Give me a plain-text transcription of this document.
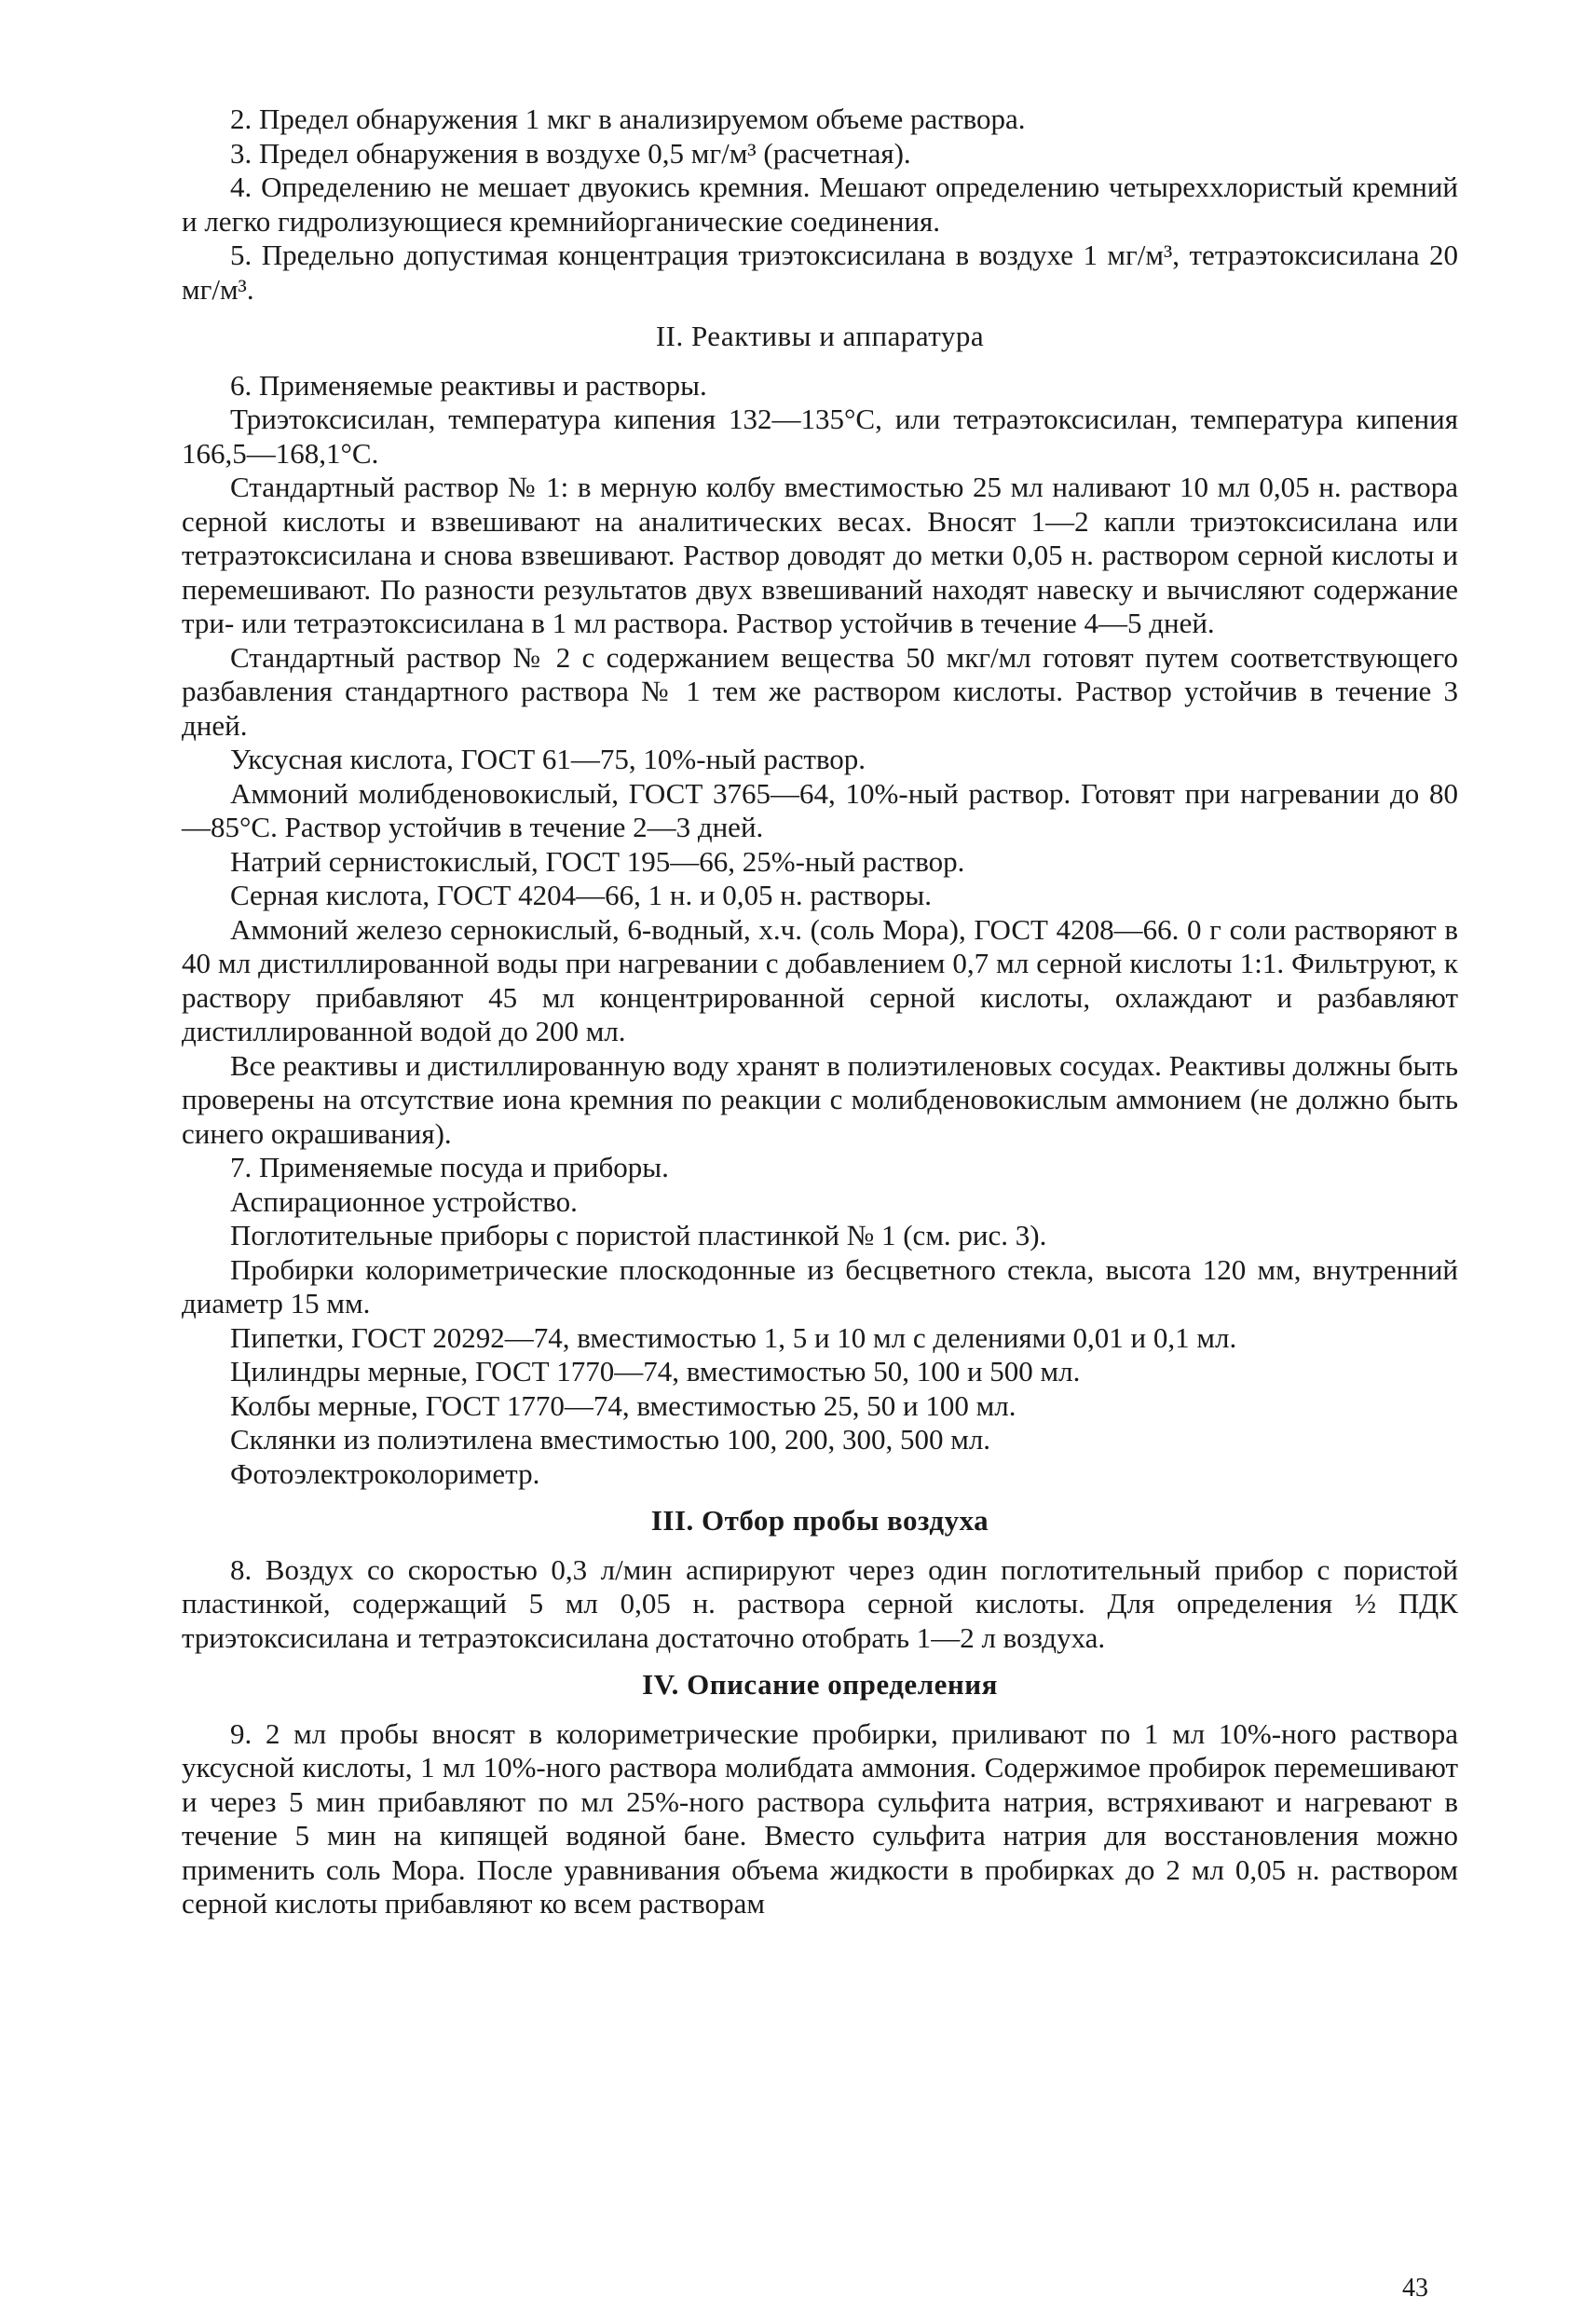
2. Предел обнаружения 1 мкг в анализируемом объеме раствора.

3. Предел обнаружения в воздухе 0,5 мг/м³ (расчетная).

4. Определению не мешает двуокись кремния. Мешают определению четыреххлористый кремний и легко гидролизующиеся кремнийорганические соединения.

5. Предельно допустимая концентрация триэтоксисилана в воздухе 1 мг/м³, тетраэтоксисилана 20 мг/м³.

II. Реактивы и аппаратура

6. Применяемые реактивы и растворы.

Триэтоксисилан, температура кипения 132—135°С, или тетраэтоксисилан, температура кипения 166,5—168,1°С.

Стандартный раствор № 1: в мерную колбу вместимостью 25 мл наливают 10 мл 0,05 н. раствора серной кислоты и взвешивают на аналитических весах. Вносят 1—2 капли триэтоксисилана или тетраэтоксисилана и снова взвешивают. Раствор доводят до метки 0,05 н. раствором серной кислоты и перемешивают. По разности результатов двух взвешиваний находят навеску и вычисляют содержание три- или тетраэтоксисилана в 1 мл раствора. Раствор устойчив в течение 4—5 дней.

Стандартный раствор № 2 с содержанием вещества 50 мкг/мл готовят путем соответствующего разбавления стандартного раствора № 1 тем же раствором кислоты. Раствор устойчив в течение 3 дней.

Уксусная кислота, ГОСТ 61—75, 10%-ный раствор.

Аммоний молибденовокислый, ГОСТ 3765—64, 10%-ный раствор. Готовят при нагревании до 80—85°С. Раствор устойчив в течение 2—3 дней.

Натрий сернистокислый, ГОСТ 195—66, 25%-ный раствор.

Серная кислота, ГОСТ 4204—66, 1 н. и 0,05 н. растворы.

Аммоний железо сернокислый, 6-водный, х.ч. (соль Мора), ГОСТ 4208—66. 0 г соли растворяют в 40 мл дистиллированной воды при нагревании с добавлением 0,7 мл серной кислоты 1:1. Фильтруют, к раствору прибавляют 45 мл концентрированной серной кислоты, охлаждают и разбавляют дистиллированной водой до 200 мл.

Все реактивы и дистиллированную воду хранят в полиэтиленовых сосудах. Реактивы должны быть проверены на отсутствие иона кремния по реакции с молибденовокислым аммонием (не должно быть синего окрашивания).

7. Применяемые посуда и приборы.

Аспирационное устройство.

Поглотительные приборы с пористой пластинкой № 1 (см. рис. 3).

Пробирки колориметрические плоскодонные из бесцветного стекла, высота 120 мм, внутренний диаметр 15 мм.

Пипетки, ГОСТ 20292—74, вместимостью 1, 5 и 10 мл с делениями 0,01 и 0,1 мл.

Цилиндры мерные, ГОСТ 1770—74, вместимостью 50, 100 и 500 мл.

Колбы мерные, ГОСТ 1770—74, вместимостью 25, 50 и 100 мл.

Склянки из полиэтилена вместимостью 100, 200, 300, 500 мл.

Фотоэлектроколориметр.

III. Отбор пробы воздуха

8. Воздух со скоростью 0,3 л/мин аспирируют через один поглотительный прибор с пористой пластинкой, содержащий 5 мл 0,05 н. раствора серной кислоты. Для определения ½ ПДК триэтоксисилана и тетраэтоксисилана достаточно отобрать 1—2 л воздуха.

IV. Описание определения

9. 2 мл пробы вносят в колориметрические пробирки, приливают по 1 мл 10%-ного раствора уксусной кислоты, 1 мл 10%-ного раствора молибдата аммония. Содержимое пробирок перемешивают и через 5 мин прибавляют по мл 25%-ного раствора сульфита натрия, встряхивают и нагревают в течение 5 мин на кипящей водяной бане. Вместо сульфита натрия для восстановления можно применить соль Мора. После уравнивания объема жидкости в пробирках до 2 мл 0,05 н. раствором серной кислоты прибавляют ко всем растворам

43
